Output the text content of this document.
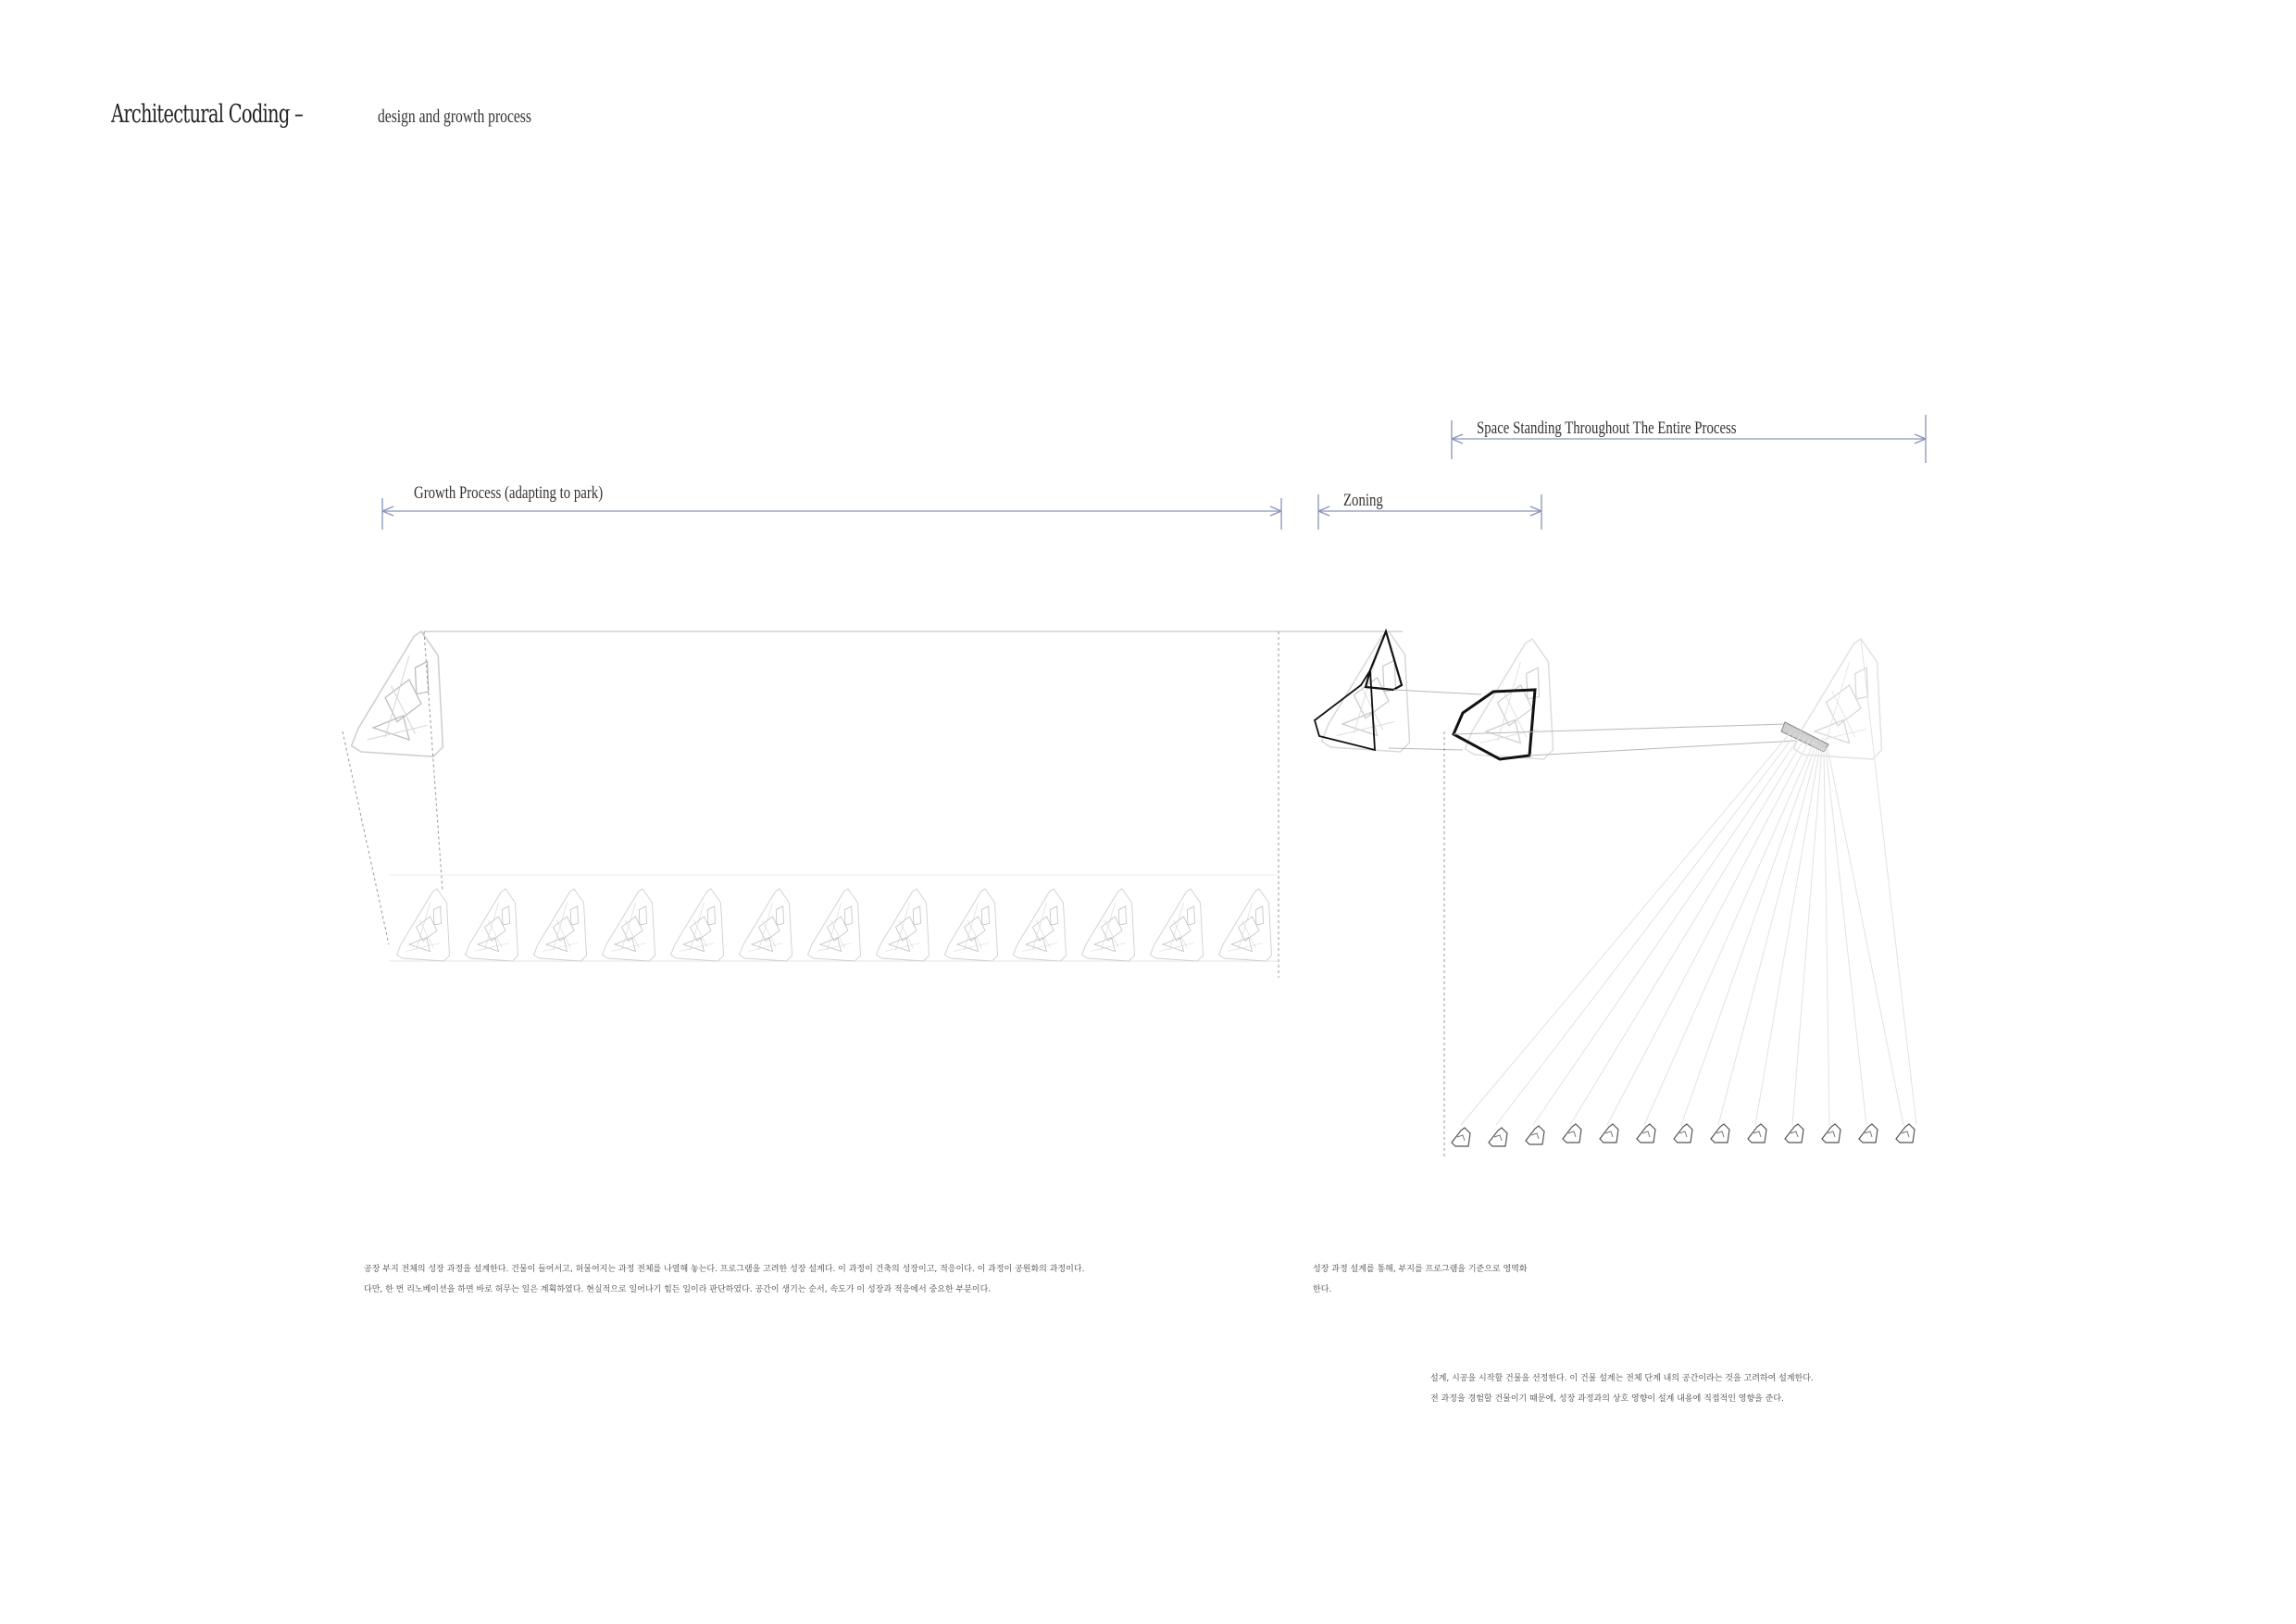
Architectural Coding –	design and growth process
Growth Process (adapting to park)	Zoning
Space Standing Throughout The Entire Process
공장 부지 전체의 성장 과정을 설계한다. 건물이 들어서고, 허물어지는 과정 전체를 나열해 놓는다. 프로그램을 고려한 성장 설계다. 이 과정이 건축의 성장이고, 적응이다. 이 과정이 공원화의 과정이다.
다만, 한 번 리노베이션을 하면 바로 허무는 일은 계획하였다. 현실적으로 일어나기 힘든 일이라 판단하였다. 공간이 생기는 순서, 속도가 이 성장과 적응에서 중요한 부분이다.
성장 과정 설계를 통해, 부지를 프로그램을 기준으로 영역화
한다.
설계, 시공을 시작할 건물을 선정한다. 이 건물 설계는 전체 단계 내의 공간이라는 것을 고려하여 설계한다.
전 과정을 경험할 건물이기 때문에, 성장 과정과의 상호 영향이 설계 내용에 직접적인 영향을 준다.
